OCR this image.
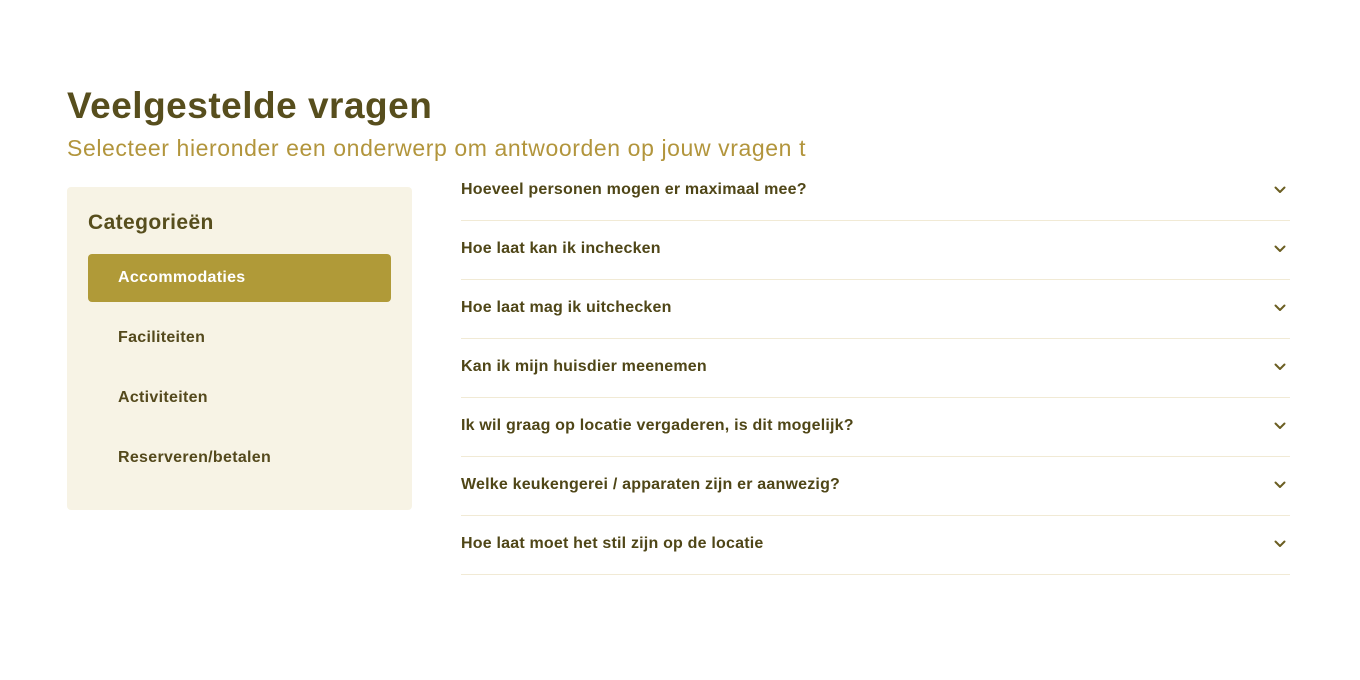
Veelgestelde vragen
Selecteer hieronder een onderwerp om antwoorden op jouw vragen t
Categorieën
Accommodaties
Faciliteiten
Activiteiten
Reserveren/betalen
Hoeveel personen mogen er maximaal mee?
Hoe laat kan ik inchecken
Hoe laat mag ik uitchecken
Kan ik mijn huisdier meenemen
Ik wil graag op locatie vergaderen, is dit mogelijk?
Welke keukengerei / apparaten zijn er aanwezig?
Hoe laat moet het stil zijn op de locatie
